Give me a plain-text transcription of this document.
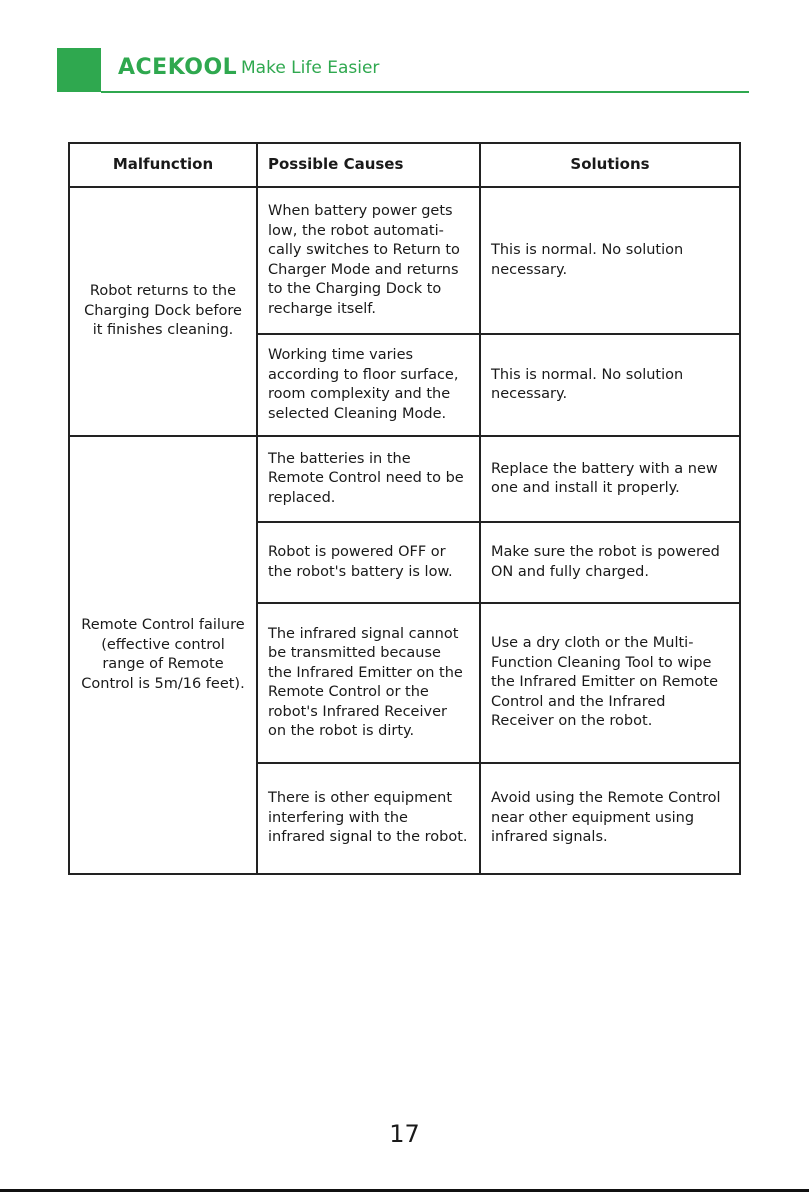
ACEKOOL Make Life Easier
Malfunction	Possible Causes	Solutions
Robot returns to the Charging Dock before it finishes cleaning.	When battery power gets low, the robot automati-cally switches to Return to Charger Mode and returns to the Charging Dock to recharge itself.	This is normal. No solution necessary.
	Working time varies according to floor surface, room complexity and the selected Cleaning Mode.	This is normal. No solution necessary.
Remote Control failure (effective control range of Remote Control is 5m/16 feet).	The batteries in the Remote Control need to be replaced.	Replace the battery with a new one and install it properly.
	Robot is powered OFF or the robot's battery is low.	Make sure the robot is powered ON and fully charged.
	The infrared signal cannot be transmitted because the Infrared Emitter on the Remote Control or the robot's Infrared Receiver on the robot is dirty.	Use a dry cloth or the Multi-Function Cleaning Tool to wipe the Infrared Emitter on Remote Control and the Infrared Receiver on the robot.
	There is other equipment interfering with the infrared signal to the robot.	Avoid using the Remote Control near other equipment using infrared signals.
17
